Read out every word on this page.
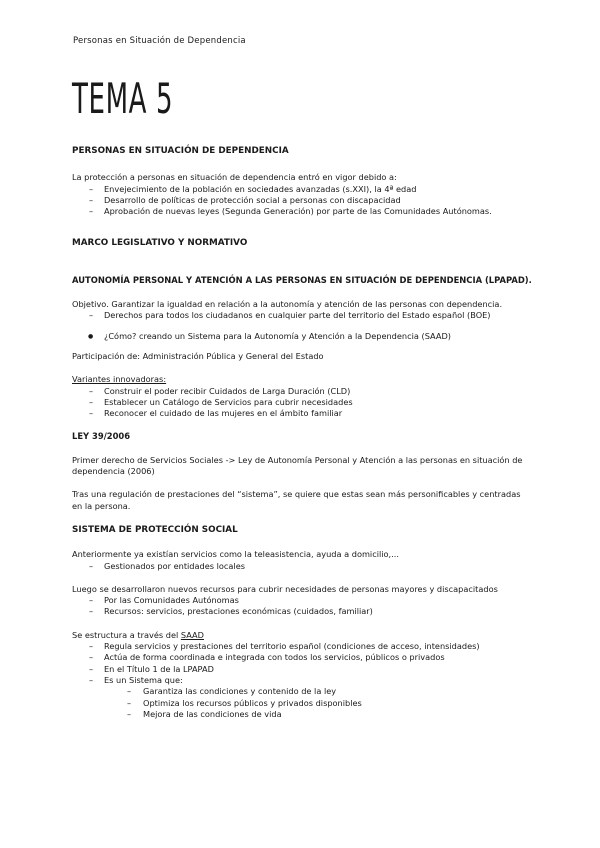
Personas en Situación de Dependencia
TEMA 5

PERSONAS EN SITUACIÓN DE DEPENDENCIA

La protección a personas en situación de dependencia entró en vigor debido a:

– Envejecimiento de la población en sociedades avanzadas (s.XXI), la 4ª edad
– Desarrollo de políticas de protección social a personas con discapacidad
– Aprobación de nuevas leyes (Segunda Generación) por parte de las Comunidades Autónomas.

MARCO LEGISLATIVO Y NORMATIVO

AUTONOMÍA PERSONAL Y ATENCIÓN A LAS PERSONAS EN SITUACIÓN DE DEPENDENCIA (LPAPAD).

Objetivo. Garantizar la igualdad en relación a la autonomía y atención de las personas con dependencia.

– Derechos para todos los ciudadanos en cualquier parte del territorio del Estado español (BOE)
● ¿Cómo? creando un Sistema para la Autonomía y Atención a la Dependencia (SAAD)

Participación de: Administración Pública y General del Estado

Variantes innovadoras:

– Construir el poder recibir Cuidados de Larga Duración (CLD)
– Establecer un Catálogo de Servicios para cubrir necesidades
– Reconocer el cuidado de las mujeres en el ámbito familiar

LEY 39/2006

Primer derecho de Servicios Sociales -> Ley de Autonomía Personal y Atención a las personas en situación de dependencia (2006)

Tras una regulación de prestaciones del “sistema”, se quiere que estas sean más personificables y centradas en la persona.

SISTEMA DE PROTECCIÓN SOCIAL

Anteriormente ya existían servicios como la teleasistencia, ayuda a domicilio,...

– Gestionados por entidades locales

Luego se desarrollaron nuevos recursos para cubrir necesidades de personas mayores y discapacitados

– Por las Comunidades Autónomas
– Recursos: servicios, prestaciones económicas (cuidados, familiar)

Se estructura a través del SAAD

– Regula servicios y prestaciones del territorio español (condiciones de acceso, intensidades)
– Actúa de forma coordinada e integrada con todos los servicios, públicos o privados
– En el Título 1 de la LPAPAD
– Es un Sistema que:
– Garantiza las condiciones y contenido de la ley
– Optimiza los recursos públicos y privados disponibles
– Mejora de las condiciones de vida
